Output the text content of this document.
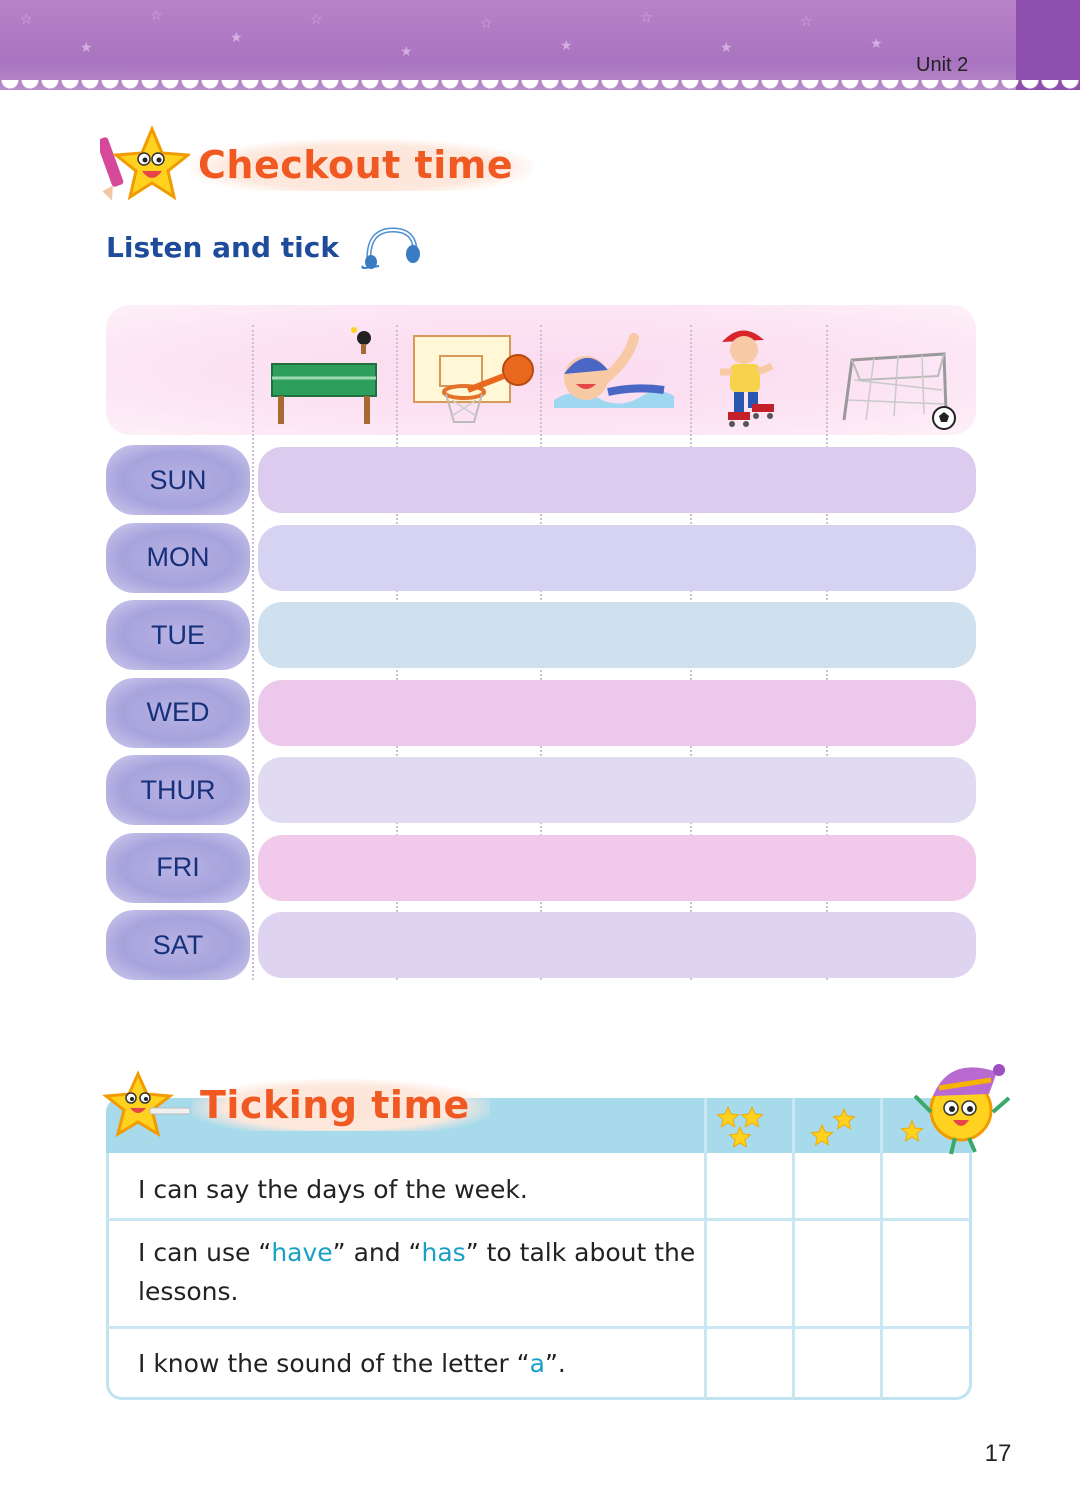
☆
★
☆
★
☆
★
☆
★
☆
★
☆
★
Unit 2
Checkout time
Listen and tick
SUN
MON
TUE
WED
THUR
FRI
SAT
Ticking time
I can say the days of the week.
I can use “have” and “has” to talk about the lessons.
I know the sound of the letter “a”.
17
